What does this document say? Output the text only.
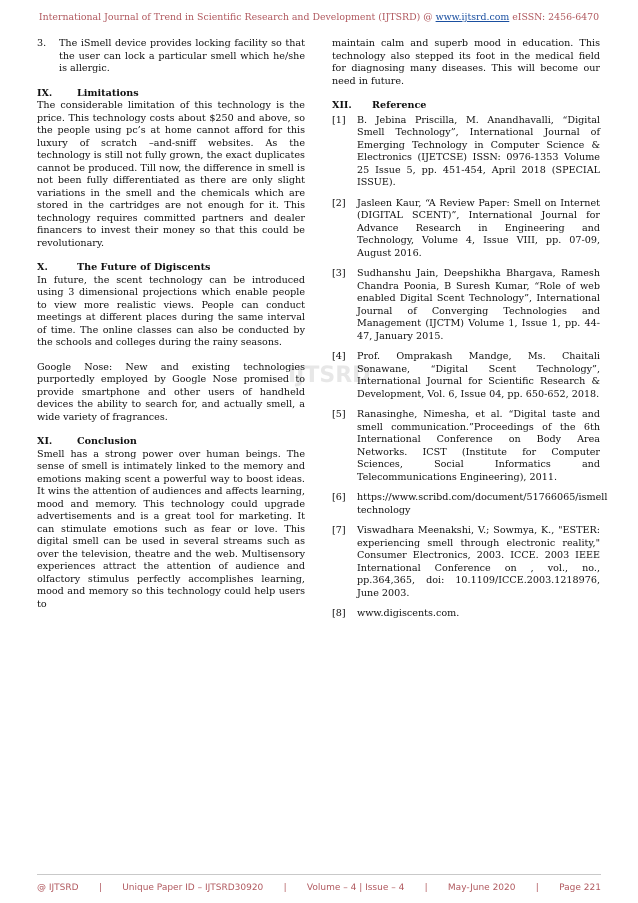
International Journal of Trend in Scientific Research and Development (IJTSRD) @ www.ijtsrd.com eISSN: 2456-6470
IJTSRD
3.	The iSmell device provides locking facility so that the user can lock a particular smell which he/she is allergic.
IX.	Limitations

The considerable limitation of this technology is the price. This technology costs about $250 and above, so the people using pc’s at home cannot afford for this luxury of scratch –and-sniff websites. As the technology is still not fully grown, the exact duplicates cannot be produced. Till now, the difference in smell is not been fully differentiated as there are only slight variations in the smell and the chemicals which are stored in the cartridges are not enough for it. This technology requires committed partners and dealer financers to invest their money so that this could be revolutionary.

X.	The Future of Digiscents

In future, the scent technology can be introduced using 3 dimensional projections which enable people to view more realistic views. People can conduct meetings at different places during the same interval of time. The online classes can also be conducted by the schools and colleges during the rainy seasons.

Google Nose: New and existing technologies purportedly employed by Google Nose promised to provide smartphone and other users of handheld devices the ability to search for, and actually smell, a wide variety of fragrances.

XI.	Conclusion

Smell has a strong power over human beings. The sense of smell is intimately linked to the memory and emotions making scent a powerful way to boost ideas. It wins the attention of audiences and affects learning, mood and memory. This technology could upgrade advertisements and is a great tool for marketing. It can stimulate emotions such as fear or love. This digital smell can be used in several streams such as over the television, theatre and the web. Multisensory experiences attract the attention of audience and olfactory stimulus perfectly accomplishes learning, mood and memory so this technology could help users to

maintain calm and superb mood in education. This technology also stepped its foot in the medical field for diagnosing many diseases. This will become our need in future.

XII.	Reference
[1]	B. Jebina Priscilla, M. Anandhavalli, “Digital Smell Technology”, International Journal of Emerging Technology in Computer Science & Electronics (IJETCSE) ISSN: 0976-1353 Volume 25 Issue 5, pp. 451-454, April 2018 (SPECIAL ISSUE).
[2]	Jasleen Kaur, “A Review Paper: Smell on Internet (DIGITAL SCENT)”, International Journal for Advance Research in Engineering and Technology, Volume 4, Issue VIII, pp. 07-09, August 2016.
[3]	Sudhanshu Jain, Deepshikha Bhargava, Ramesh Chandra Poonia, B Suresh Kumar, “Role of web enabled Digital Scent Technology”, International Journal of Converging Technologies and Management (IJCTM) Volume 1, Issue 1, pp. 44-47, January 2015.
[4]	Prof. Omprakash Mandge, Ms. Chaitali Sonawane, “Digital Scent Technology”, International Journal for Scientific Research & Development, Vol. 6, Issue 04, pp. 650-652, 2018.
[5]	Ranasinghe, Nimesha, et al. “Digital taste and smell communication.”Proceedings of the 6th International Conference on Body Area Networks. ICST (Institute for Computer Sciences, Social Informatics and Telecommunications Engineering), 2011.
[6]	https://www.scribd.com/document/51766065/ismell technology
[7]	Viswadhara Meenakshi, V.; Sowmya, K., "ESTER: experiencing smell through electronic reality," Consumer Electronics, 2003. ICCE. 2003 IEEE International Conference on , vol., no., pp.364,365, doi: 10.1109/ICCE.2003.1218976, June 2003.
[8]	www.digiscents.com.
@ IJTSRD | Unique Paper ID – IJTSRD30920 | Volume – 4 | Issue – 4 | May-June 2020 | Page 221
